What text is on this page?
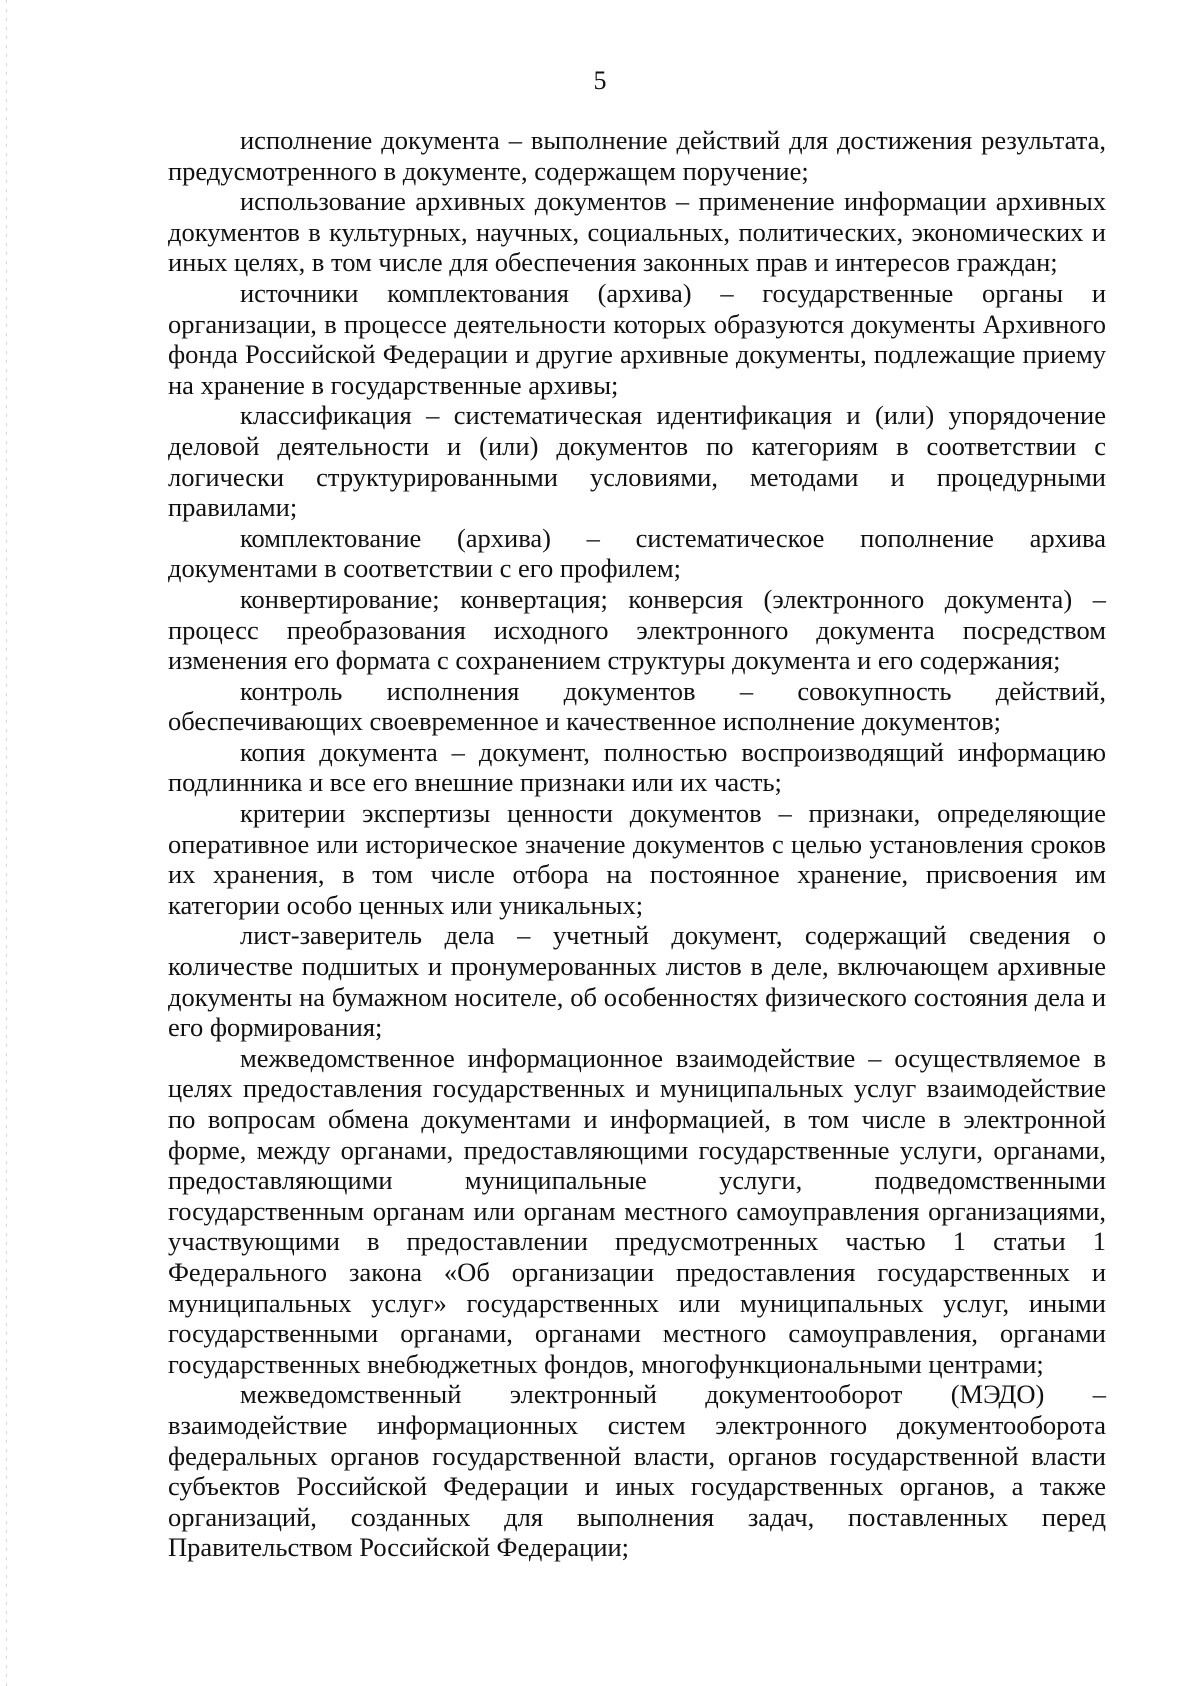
5

исполнение документа – выполнение действий для достижения результата, предусмотренного в документе, содержащем поручение;

использование архивных документов – применение информации архивных документов в культурных, научных, социальных, политических, экономических и иных целях, в том числе для обеспечения законных прав и интересов граждан;

источники комплектования (архива) – государственные органы и организации, в процессе деятельности которых образуются документы Архивного фонда Российской Федерации и другие архивные документы, подлежащие приему на хранение в государственные архивы;

классификация – систематическая идентификация и (или) упорядочение деловой деятельности и (или) документов по категориям в соответствии с логически структурированными условиями, методами и процедурными правилами;

комплектование (архива) – систематическое пополнение архива документами в соответствии с его профилем;

конвертирование; конвертация; конверсия (электронного документа) – процесс преобразования исходного электронного документа посредством изменения его формата с сохранением структуры документа и его содержания;

контроль исполнения документов – совокупность действий, обеспечивающих своевременное и качественное исполнение документов;

копия документа – документ, полностью воспроизводящий информацию подлинника и все его внешние признаки или их часть;

критерии экспертизы ценности документов – признаки, определяющие оперативное или историческое значение документов с целью установления сроков их хранения, в том числе отбора на постоянное хранение, присвоения им категории особо ценных или уникальных;

лист-заверитель дела – учетный документ, содержащий сведения о количестве подшитых и пронумерованных листов в деле, включающем архивные документы на бумажном носителе, об особенностях физического состояния дела и его формирования;

межведомственное информационное взаимодействие – осуществляемое в целях предоставления государственных и муниципальных услуг взаимодействие по вопросам обмена документами и информацией, в том числе в электронной форме, между органами, предоставляющими государственные услуги, органами, предоставляющими муниципальные услуги, подведомственными государственным органам или органам местного самоуправления организациями, участвующими в предоставлении предусмотренных частью 1 статьи 1 Федерального закона «Об организации предоставления государственных и муниципальных услуг» государственных или муниципальных услуг, иными государственными органами, органами местного самоуправления, органами государственных внебюджетных фондов, многофункциональными центрами;

межведомственный электронный документооборот (МЭДО) – взаимодействие информационных систем электронного документооборота федеральных органов государственной власти, органов государственной власти субъектов Российской Федерации и иных государственных органов, а также организаций, созданных для выполнения задач, поставленных перед Правительством Российской Федерации;
